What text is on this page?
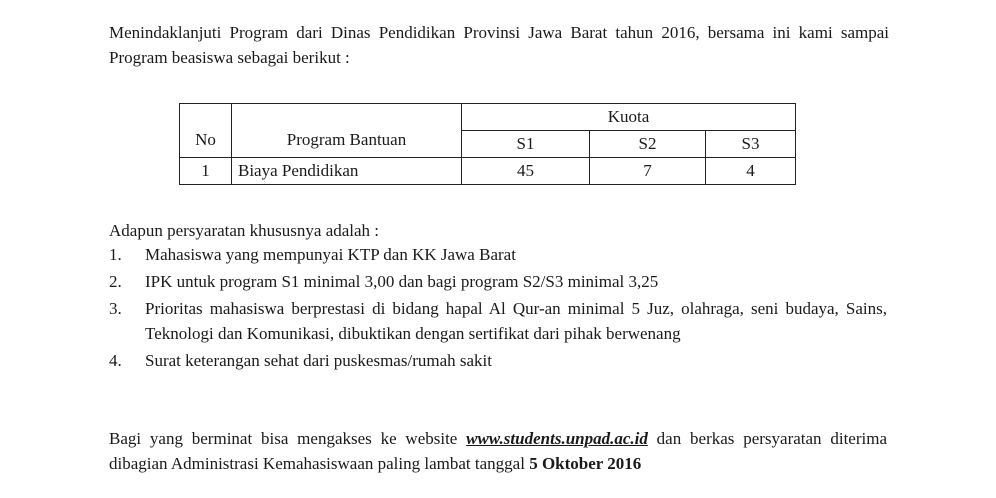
Menindaklanjuti Program dari Dinas Pendidikan Provinsi Jawa Barat tahun 2016, bersama ini kami sampai Program beasiswa sebagai berikut :
No	Program Bantuan	Kuota		
		S1	S2	S3
1	Biaya Pendidikan	45	7	4
Adapun persyaratan khususnya adalah :
1. Mahasiswa yang mempunyai KTP dan KK Jawa Barat
2. IPK untuk program S1 minimal 3,00 dan bagi program S2/S3 minimal 3,25
3. Prioritas mahasiswa berprestasi di bidang hapal Al Qur-an minimal 5 Juz, olahraga, seni budaya, Sains, Teknologi dan Komunikasi, dibuktikan dengan sertifikat dari pihak berwenang
4. Surat keterangan sehat dari puskesmas/rumah sakit
Bagi yang berminat bisa mengakses ke website www.students.unpad.ac.id dan berkas persyaratan diterima dibagian Administrasi Kemahasiswaan paling lambat tanggal 5 Oktober 2016
